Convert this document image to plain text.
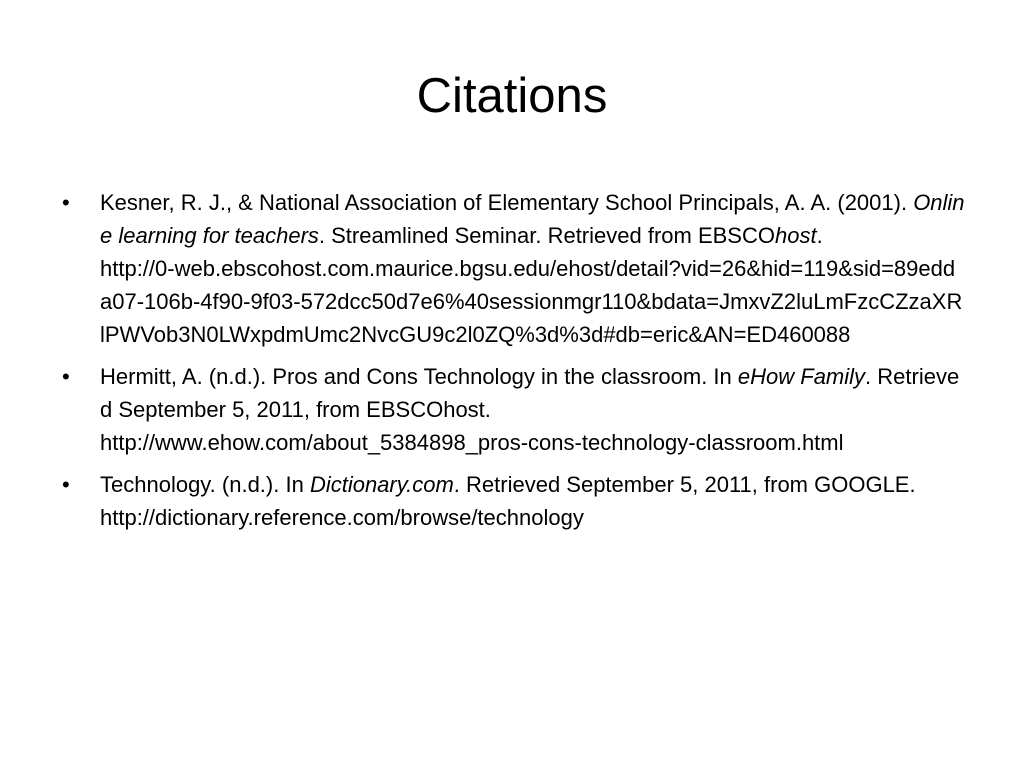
Citations
• Kesner, R. J., & National Association of Elementary School Principals, A. A. (2001). Online learning for teachers. Streamlined Seminar. Retrieved from EBSCOhost.
http://0-web.ebscohost.com.maurice.bgsu.edu/ehost/detail?vid=26&hid=119&sid=89edda07-106b-4f90-9f03-572dcc50d7e6%40sessionmgr110&bdata=JmxvZ2luLmFzcCZzaXRlPWVob3N0LWxpdmUmc2NvcGU9c2l0ZQ%3d%3d#db=eric&AN=ED460088
• Hermitt, A. (n.d.). Pros and Cons Technology in the classroom. In eHow Family. Retrieved September 5, 2011, from EBSCOhost.
http://www.ehow.com/about_5384898_pros-cons-technology-classroom.html
• Technology. (n.d.). In Dictionary.com. Retrieved September 5, 2011, from GOOGLE.
http://dictionary.reference.com/browse/technology
